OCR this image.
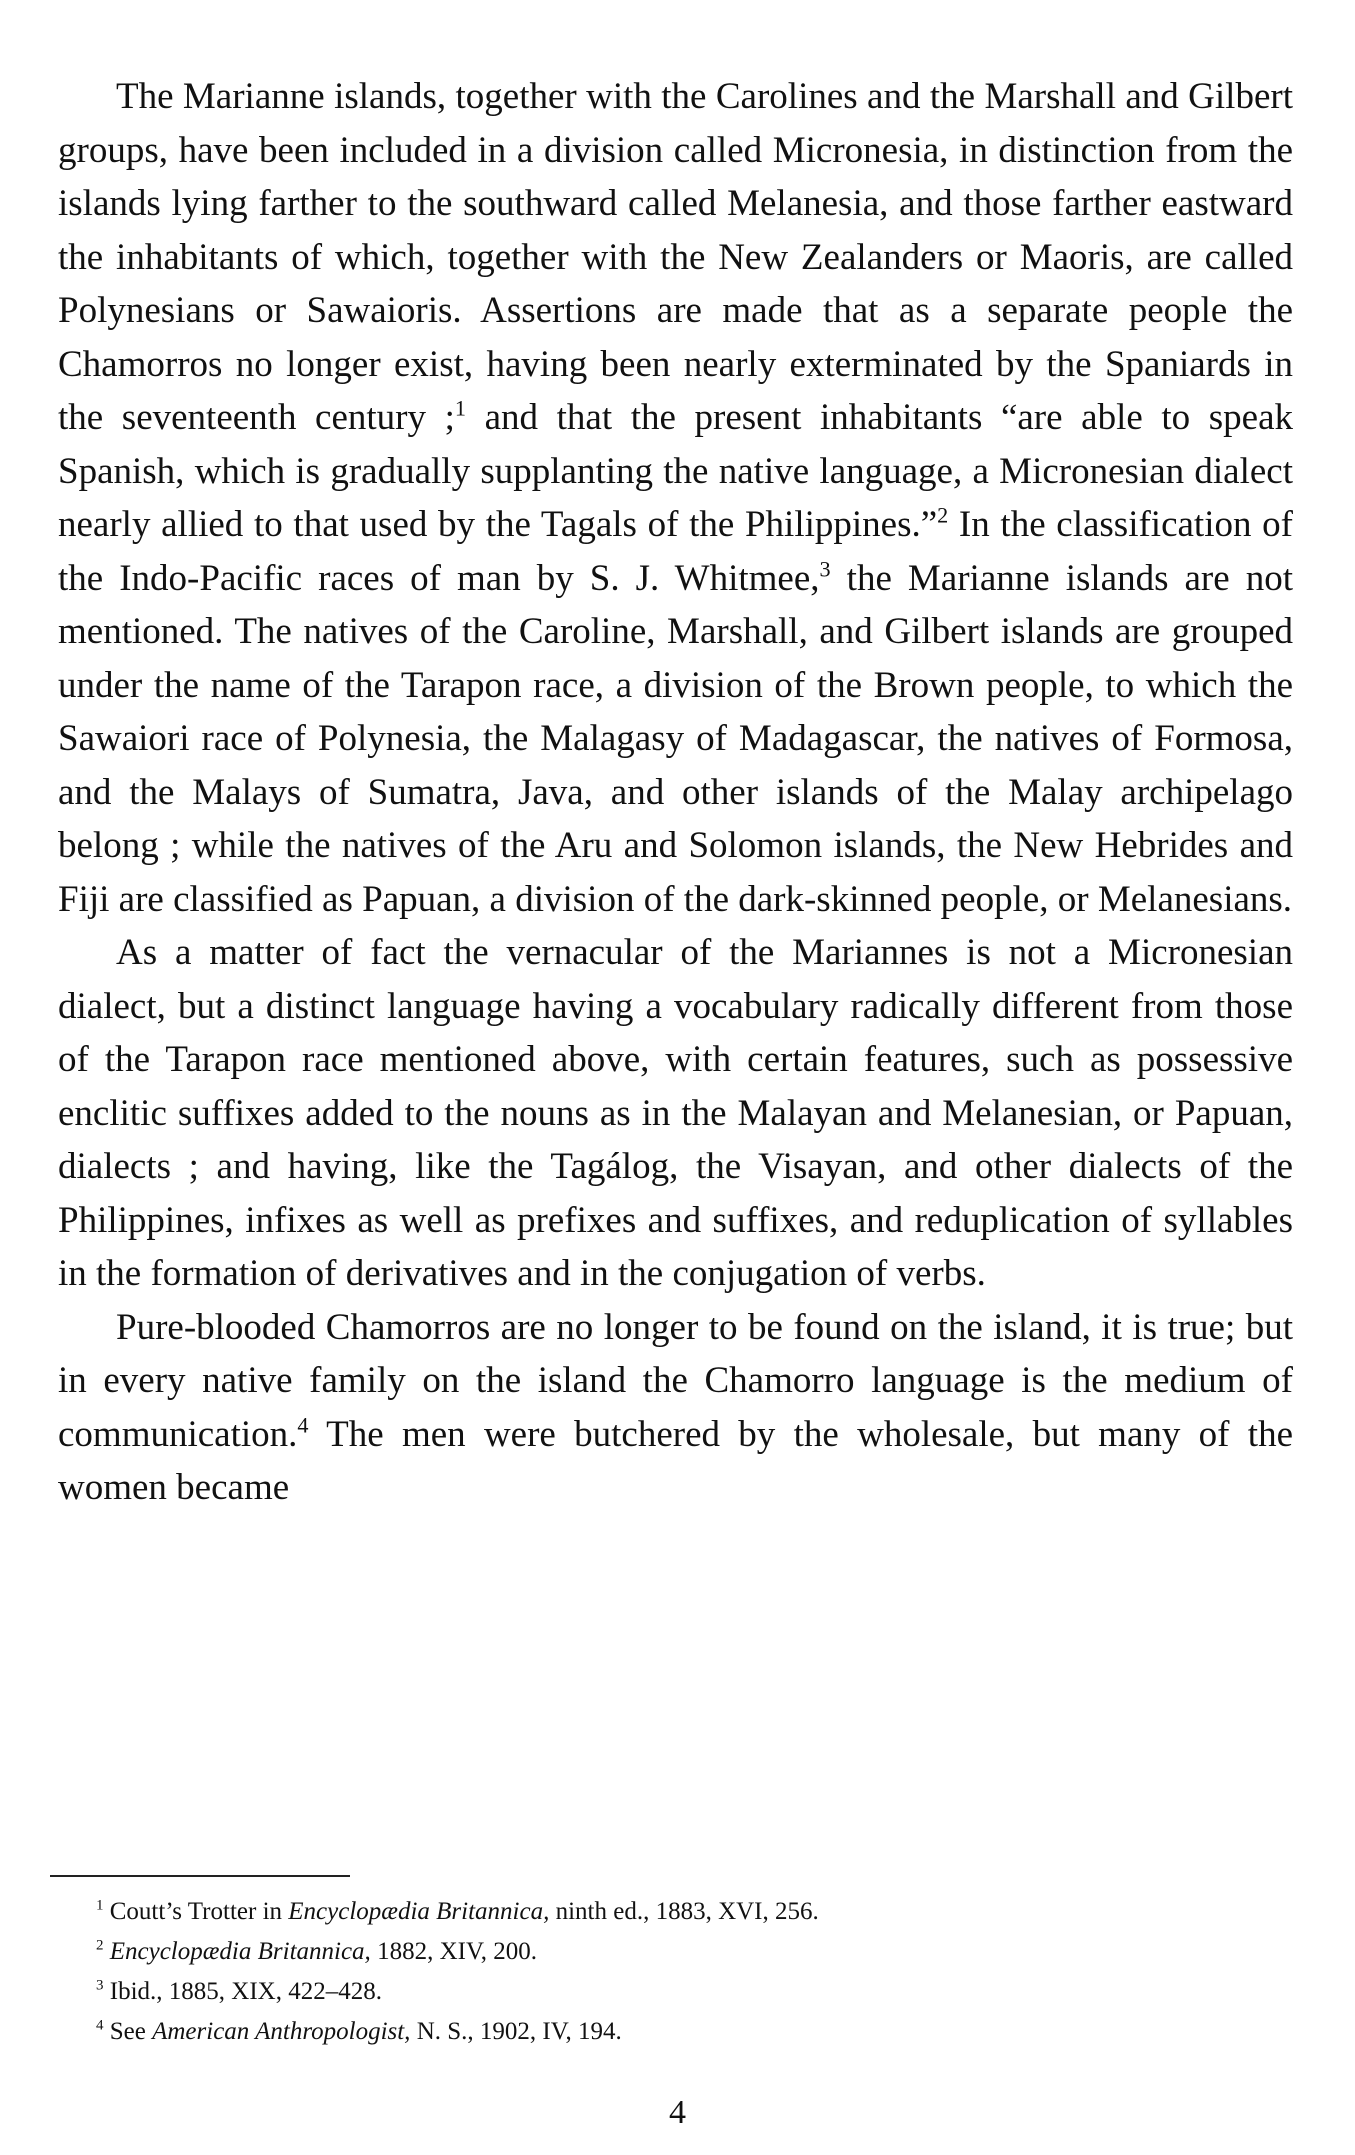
The Marianne islands, together with the Carolines and the Marshall and Gilbert groups, have been included in a division called Micronesia, in distinction from the islands lying farther to the southward called Melanesia, and those farther eastward the inhabitants of which, together with the New Zealanders or Maoris, are called Polynesians or Sawaioris. Assertions are made that as a separate people the Chamorros no longer exist, having been nearly exterminated by the Spaniards in the seventeenth century ;$^1$ and that the present inhabitants “are able to speak Spanish, which is gradually supplanting the native language, a Micronesian dialect nearly allied to that used by the Tagals of the Philippines.”$^2$ In the classification of the Indo-Pacific races of man by S. J. Whitmee,$^3$ the Marianne islands are not mentioned. The natives of the Caroline, Marshall, and Gilbert islands are grouped under the name of the Tarapon race, a division of the Brown people, to which the Sawaiori race of Polynesia, the Malagasy of Madagascar, the natives of Formosa, and the Malays of Sumatra, Java, and other islands of the Malay archipelago belong ; while the natives of the Aru and Solomon islands, the New Hebrides and Fiji are classified as Papuan, a division of the dark-skinned people, or Melanesians.

As a matter of fact the vernacular of the Mariannes is not a Micronesian dialect, but a distinct language having a vocabulary radically different from those of the Tarapon race mentioned above, with certain features, such as possessive enclitic suffixes added to the nouns as in the Malayan and Melanesian, or Papuan, dialects ; and having, like the Tagálog, the Visayan, and other dialects of the Philippines, infixes as well as prefixes and suffixes, and reduplication of syllables in the formation of derivatives and in the conjugation of verbs.

Pure-blooded Chamorros are no longer to be found on the island, it is true; but in every native family on the island the Chamorro language is the medium of communication.$^4$ The men were butchered by the wholesale, but many of the women became

$^1$ Coutt’s Trotter in Encyclopædia Britannica, ninth ed., 1883, XVI, 256.

$^2$ Encyclopædia Britannica, 1882, XIV, 200.

$^3$ Ibid., 1885, XIX, 422–428.

$^4$ See American Anthropologist, N. S., 1902, IV, 194.

4
